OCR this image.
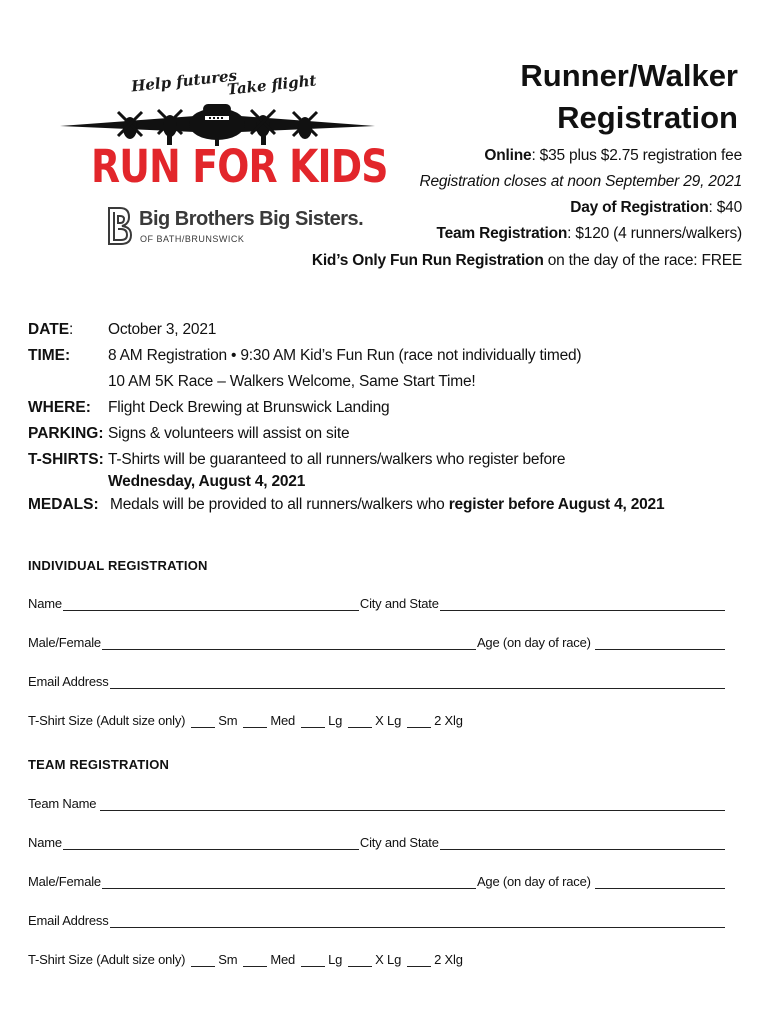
Help futures
Take flight
RUN FOR KIDS
Big Brothers Big Sisters.
OF BATH/BRUNSWICK
Runner/Walker
Registration
Online: $35 plus $2.75 registration fee
Registration closes at noon September 29, 2021
Day of Registration: $40
Team Registration: $120 (4 runners/walkers)
Kid’s Only Fun Run Registration on the day of the race: FREE
DATE: October 3, 2021
TIME: 8 AM Registration • 9:30 AM Kid’s Fun Run (race not individually timed)
10 AM 5K Race – Walkers Welcome, Same Start Time!
WHERE: Flight Deck Brewing at Brunswick Landing
PARKING: Signs & volunteers will assist on site
T-SHIRTS: T-Shirts will be guaranteed to all runners/walkers who register before
Wednesday, August 4, 2021
MEDALS: Medals will be provided to all runners/walkers who register before August 4, 2021
INDIVIDUAL REGISTRATION
Name	City and State
Male/Female	Age (on day of race)
Email Address
T-Shirt Size (Adult size only)	Sm	Med	Lg	X Lg	2 Xlg
TEAM REGISTRATION
Team Name
Name	City and State
Male/Female	Age (on day of race)
Email Address
T-Shirt Size (Adult size only)	Sm	Med	Lg	X Lg	2 Xlg
